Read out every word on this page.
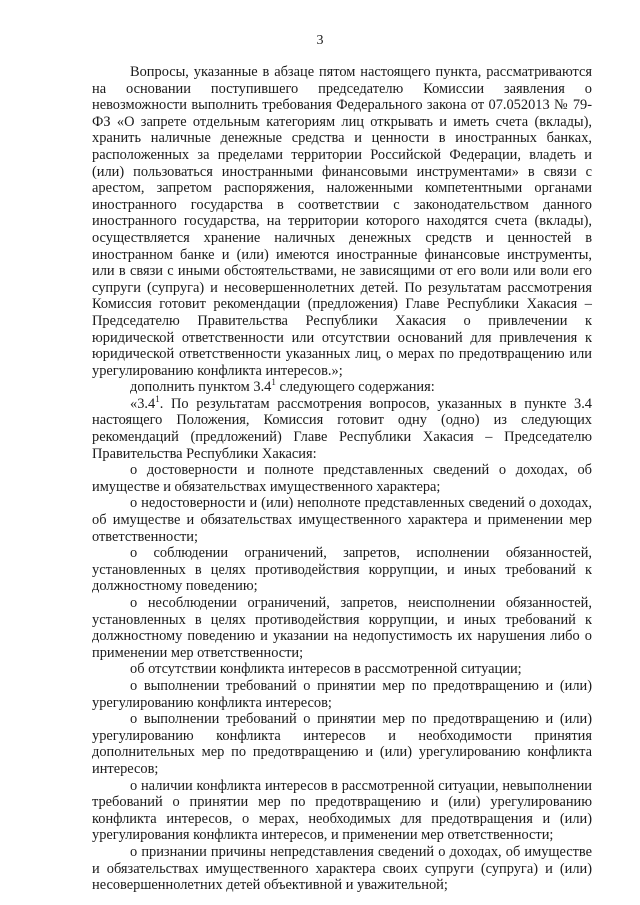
3

Вопросы, указанные в абзаце пятом настоящего пункта, рассматриваются на основании поступившего председателю Комиссии заявления о невозможности выполнить требования Федерального закона от 07.052013 № 79-ФЗ «О запрете отдельным категориям лиц открывать и иметь счета (вклады), хранить наличные денежные средства и ценности в иностранных банках, расположенных за пределами территории Российской Федерации, владеть и (или) пользоваться иностранными финансовыми инструментами» в связи с арестом, запретом распоряжения, наложенными компетентными органами иностранного государства в соответствии с законодательством данного иностранного государства, на территории которого находятся счета (вклады), осуществляется хранение наличных денежных средств и ценностей в иностранном банке и (или) имеются иностранные финансовые инструменты, или в связи с иными обстоятельствами, не зависящими от его воли или воли его супруги (супруга) и несовершеннолетних детей. По результатам рассмотрения Комиссия готовит рекомендации (предложения) Главе Республики Хакасия – Председателю Правительства Республики Хакасия о привлечении к юридической ответственности или отсутствии оснований для привлечения к юридической ответственности указанных лиц, о мерах по предотвращению или урегулированию конфликта интересов.»;

дополнить пунктом $3.4^1$ следующего содержания:

«$3.4^1$. По результатам рассмотрения вопросов, указанных в пункте 3.4 настоящего Положения, Комиссия готовит одну (одно) из следующих рекомендаций (предложений) Главе Республики Хакасия – Председателю Правительства Республики Хакасия:

о достоверности и полноте представленных сведений о доходах, об имуществе и обязательствах имущественного характера;

о недостоверности и (или) неполноте представленных сведений о доходах, об имуществе и обязательствах имущественного характера и применении мер ответственности;

о соблюдении ограничений, запретов, исполнении обязанностей, установленных в целях противодействия коррупции, и иных требований к должностному поведению;

о несоблюдении ограничений, запретов, неисполнении обязанностей, установленных в целях противодействия коррупции, и иных требований к должностному поведению и указании на недопустимость их нарушения либо о применении мер ответственности;

об отсутствии конфликта интересов в рассмотренной ситуации;

о выполнении требований о принятии мер по предотвращению и (или) урегулированию конфликта интересов;

о выполнении требований о принятии мер по предотвращению и (или) урегулированию конфликта интересов и необходимости принятия дополнительных мер по предотвращению и (или) урегулированию конфликта интересов;

о наличии конфликта интересов в рассмотренной ситуации, невыполнении требований о принятии мер по предотвращению и (или) урегулированию конфликта интересов, о мерах, необходимых для предотвращения и (или) урегулирования конфликта интересов, и применении мер ответственности;

о признании причины непредставления сведений о доходах, об имуществе и обязательствах имущественного характера своих супруги (супруга) и (или) несовершеннолетних детей объективной и уважительной;
